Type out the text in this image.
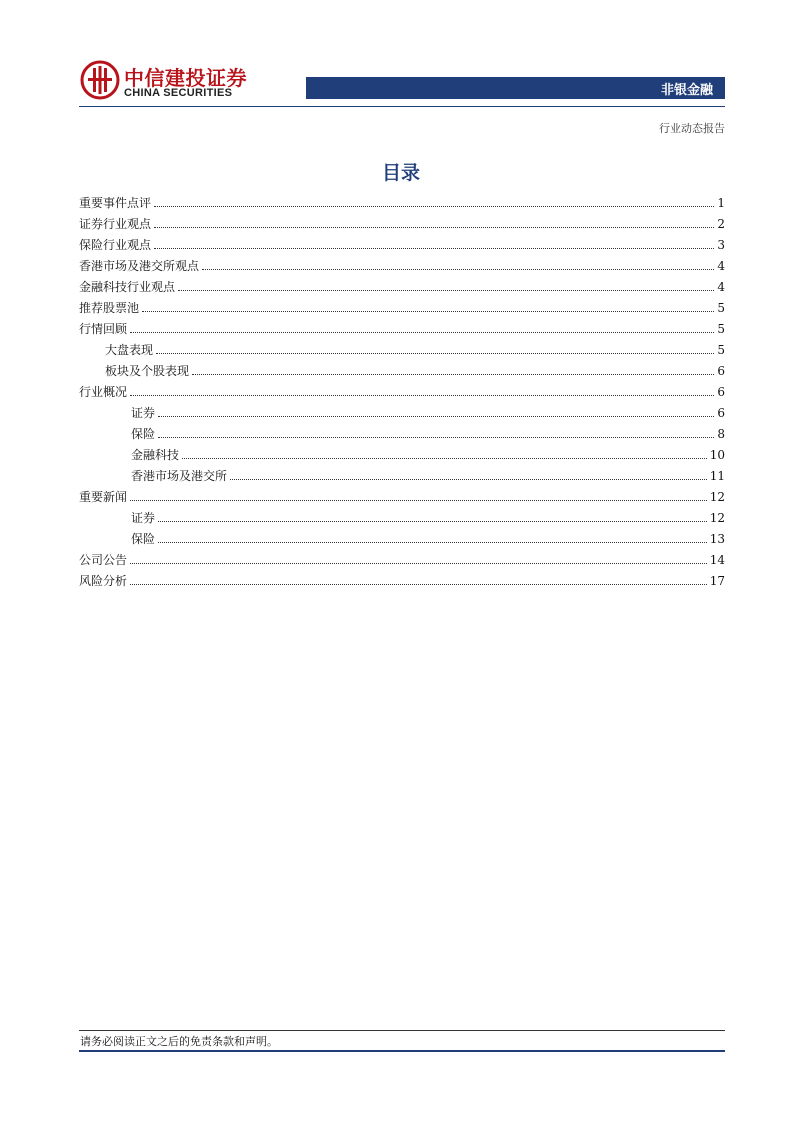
中信建投证券
CHINA SECURITIES	非银金融
行业动态报告
目录
重要事件点评	1
证券行业观点	2
保险行业观点	3
香港市场及港交所观点	4
金融科技行业观点	4
推荐股票池	5
行情回顾	5
大盘表现	5
板块及个股表现	6
行业概况	6
证券	6
保险	8
金融科技	10
香港市场及港交所	11
重要新闻	12
证券	12
保险	13
公司公告	14
风险分析	17
请务必阅读正文之后的免责条款和声明。
